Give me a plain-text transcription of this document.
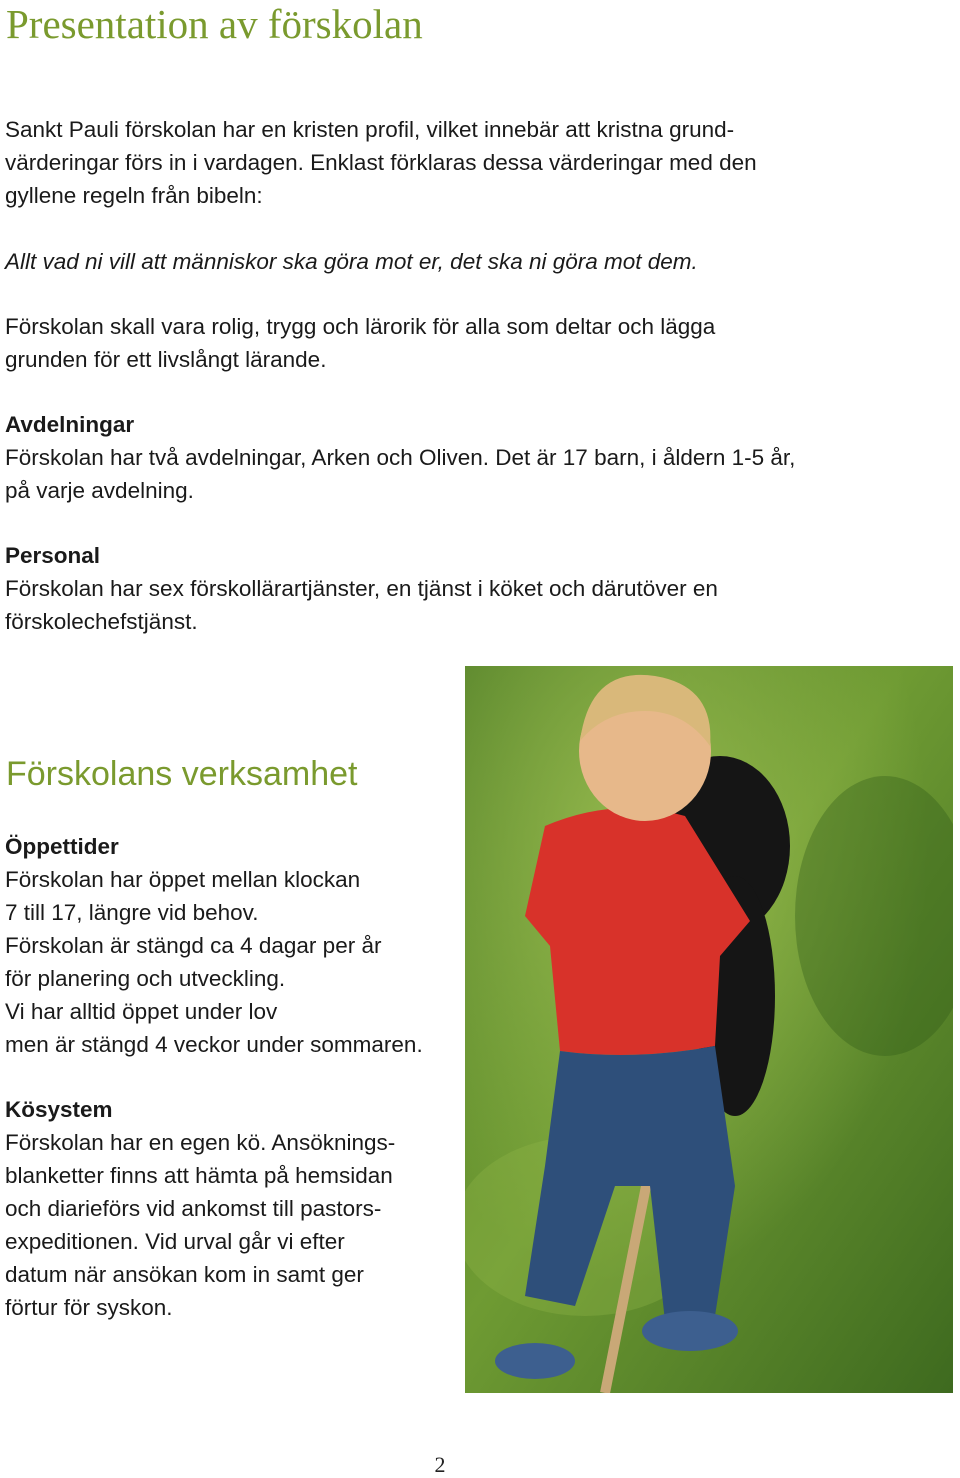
Presentation av förskolan

Sankt Pauli förskolan har en kristen profil, vilket innebär att kristna grund-
värderingar förs in i vardagen. Enklast förklaras dessa värderingar med den
gyllene regeln från bibeln:

Allt vad ni vill att människor ska göra mot er, det ska ni göra mot dem.

Förskolan skall vara rolig, trygg och lärorik för alla som deltar och lägga
grunden för ett livslångt lärande.

Avdelningar
Förskolan har två avdelningar, Arken och Oliven. Det är 17 barn, i åldern 1-5 år,
på varje avdelning.
Personal
Förskolan har sex förskollärartjänster, en tjänst i köket och därutöver en
förskolechefstjänst.
Förskolans verksamhet
Öppettider
Förskolan har öppet mellan klockan
7 till 17, längre vid behov.
Förskolan är stängd ca 4 dagar per år
för planering och utveckling.
Vi har alltid öppet under lov
men är stängd 4 veckor under sommaren.
Kösystem
Förskolan har en egen kö. Ansöknings-
blanketter finns att hämta på hemsidan
och diarieförs vid ankomst till pastors-
expeditionen. Vid urval går vi efter
datum när ansökan kom in samt ger
förtur för syskon.
2
